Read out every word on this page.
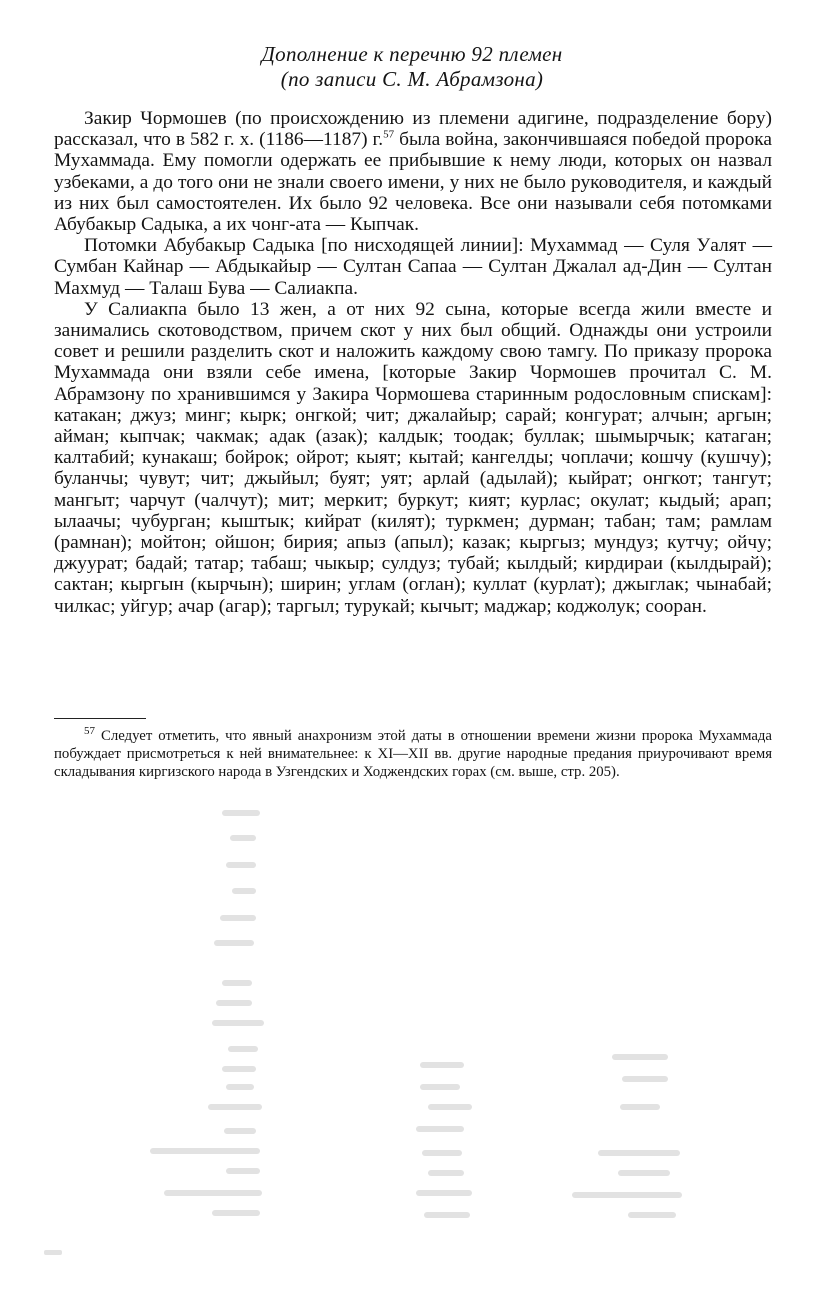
Дополнение к перечню 92 племен
(по записи С. М. Абрамзона)

Закир Чормошев (по происхождению из племени адигине, подразделение бору) рассказал, что в 582 г. х. (1186—1187) г.$^{57}$ была война, закончившаяся победой пророка Мухаммада. Ему помогли одержать ее прибывшие к нему люди, которых он назвал узбеками, а до того они не знали своего имени, у них не было руководителя, и каждый из них был самостоятелен. Их было 92 человека. Все они называли себя потомками Абубакыр Садыка, а их чонг-ата — Кыпчак.

Потомки Абубакыр Садыка [по нисходящей линии]: Мухаммад — Суля Уалят — Сумбан Кайнар — Абдыкайыр — Султан Сапаа — Султан Джалал ад-Дин — Султан Махмуд — Талаш Бува — Салиакпа.

У Салиакпа было 13 жен, а от них 92 сына, которые всегда жили вместе и занимались скотоводством, причем скот у них был общий. Однажды они устроили совет и решили разделить скот и наложить каждому свою тамгу. По приказу пророка Мухаммада они взяли себе имена, [которые Закир Чормошев прочитал С. М. Абрамзону по хранившимся у Закира Чормошева старинным родословным спискам]: катакан; джуз; минг; кырк; онгкой; чит; джалайыр; сарай; конгурат; алчын; аргын; айман; кыпчак; чакмак; адак (азак); калдык; тоодак; буллак; шымырчык; катаган; калтабий; кунакаш; бойрок; ойрот; кыят; кытай; кангелды; чоплачи; кошчу (кушчу); буланчы; чувут; чит; джыйыл; буят; уят; арлай (адылай); кыйрат; онгкот; тангут; мангыт; чарчут (чалчут); мит; меркит; буркут; кият; курлас; окулат; кыдый; арап; ылаачы; чубурган; кыштык; кийрат (килят); туркмен; дурман; табан; там; рамлам (рамнан); мойтон; ойшон; бирия; апыз (апыл); казак; кыргыз; мундуз; кутчу; ойчу; джуурат; бадай; татар; табаш; чыкыр; сулдуз; тубай; кылдый; кирдираи (кылдырай); сактан; кыргын (кырчын); ширин; углам (оглан); куллат (курлат); джыглак; чынабай; чилкас; уйгур; ачар (агар); таргыл; турукай; кычыт; маджар; коджолук; сооран.

$^{57}$ Следует отметить, что явный анахронизм этой даты в отношении времени жизни пророка Мухаммада побуждает присмотреться к ней внимательнее: к XI—XII вв. другие народные предания приурочивают время складывания киргизского народа в Узгендских и Ходжендских горах (см. выше, стр. 205).
